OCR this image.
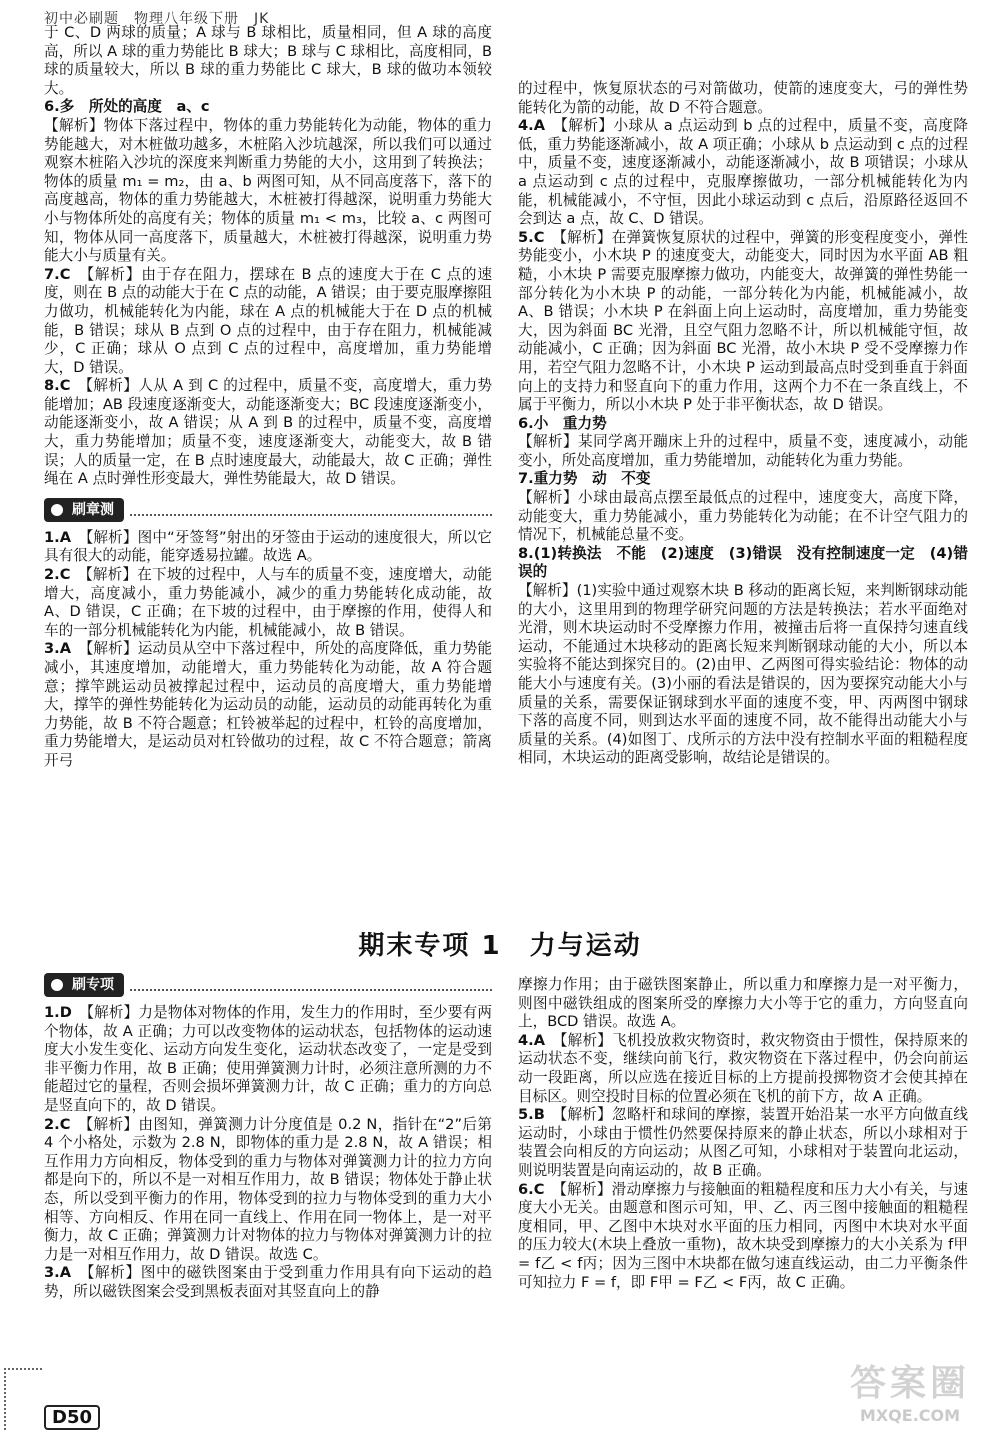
初中必刷题　物理八年级下册　JK

于 C、D 两球的质量；A 球与 B 球相比，质量相同，但 A 球的高度高，所以 A 球的重力势能比 B 球大；B 球与 C 球相比，高度相同，B 球的质量较大，所以 B 球的重力势能比 C 球大，B 球的做功本领较大。

6.多　所处的高度　a、c
【解析】物体下落过程中，物体的重力势能转化为动能，物体的重力势能越大，对木桩做功越多，木桩陷入沙坑越深，所以我们可以通过观察木桩陷入沙坑的深度来判断重力势能的大小，这用到了转换法；物体的质量 m₁ = m₂，由 a、b 两图可知，从不同高度落下，落下的高度越高，物体的重力势能越大，木桩被打得越深，说明重力势能大小与物体所处的高度有关；物体的质量 m₁ < m₃，比较 a、c 两图可知，物体从同一高度落下，质量越大，木桩被打得越深，说明重力势能大小与质量有关。

7.C　 【解析】由于存在阻力，摆球在 B 点的速度大于在 C 点的速度，则在 B 点的动能大于在 C 点的动能，A 错误；由于要克服摩擦阻力做功，机械能转化为内能，球在 A 点的机械能大于在 D 点的机械能，B 错误；球从 B 点到 O 点的过程中，由于存在阻力，机械能减少，C 正确；球从 O 点到 C 点的过程中，高度增加，重力势能增大，D 错误。

8.C　 【解析】人从 A 到 C 的过程中，质量不变，高度增大，重力势能增加；AB 段速度逐渐变大，动能逐渐变大；BC 段速度逐渐变小，动能逐渐变小，故 A 错误；从 A 到 B 的过程中，质量不变，高度增大，重力势能增加；质量不变，速度逐渐变大，动能变大，故 B 错误；人的质量一定，在 B 点时速度最大，动能最大，故 C 正确；弹性绳在 A 点时弹性形变最大，弹性势能最大，故 D 错误。

刷章测

1.A　 【解析】图中“牙签弩”射出的牙签由于运动的速度很大，所以它具有很大的动能，能穿透易拉罐。故选 A。

2.C　 【解析】在下坡的过程中，人与车的质量不变，速度增大，动能增大，高度减小，重力势能减小，减少的重力势能转化成动能，故 A、D 错误，C 正确；在下坡的过程中，由于摩擦的作用，使得人和车的一部分机械能转化为内能，机械能减小，故 B 错误。

3.A　 【解析】运动员从空中下落过程中，所处的高度降低，重力势能减小，其速度增加，动能增大，重力势能转化为动能，故 A 符合题意；撑竿跳运动员被撑起过程中，运动员的高度增大，重力势能增大，撑竿的弹性势能转化为运动员的动能，运动员的动能再转化为重力势能，故 B 不符合题意；杠铃被举起的过程中，杠铃的高度增加，重力势能增大，是运动员对杠铃做功的过程，故 C 不符合题意；箭离开弓

的过程中，恢复原状态的弓对箭做功，使箭的速度变大，弓的弹性势能转化为箭的动能，故 D 不符合题意。

4.A　 【解析】小球从 a 点运动到 b 点的过程中，质量不变，高度降低，重力势能逐渐减小，故 A 项正确；小球从 b 点运动到 c 点的过程中，质量不变，速度逐渐减小，动能逐渐减小，故 B 项错误；小球从 a 点运动到 c 点的过程中，克服摩擦做功，一部分机械能转化为内能，机械能减小，不守恒，因此小球运动到 c 点后，沿原路径返回不会到达 a 点，故 C、D 错误。

5.C　 【解析】在弹簧恢复原状的过程中，弹簧的形变程度变小，弹性势能变小，小木块 P 的速度变大，动能变大，同时因为水平面 AB 粗糙，小木块 P 需要克服摩擦力做功，内能变大，故弹簧的弹性势能一部分转化为小木块 P 的动能，一部分转化为内能，机械能减小，故 A、B 错误；小木块 P 在斜面上向上运动时，高度增加，重力势能变大，因为斜面 BC 光滑，且空气阻力忽略不计，所以机械能守恒，故动能减小，C 正确；因为斜面 BC 光滑，故小木块 P 受不受摩擦力作用，若空气阻力忽略不计，小木块 P 运动到最高点时受到垂直于斜面向上的支持力和竖直向下的重力作用，这两个力不在一条直线上，不属于平衡力，所以小木块 P 处于非平衡状态，故 D 错误。

6.小　重力势
【解析】某同学离开蹦床上升的过程中，质量不变，速度减小，动能变小，所处高度增加，重力势能增加，动能转化为重力势能。

7.重力势　动　不变
【解析】小球由最高点摆至最低点的过程中，速度变大，高度下降，动能变大，重力势能减小，重力势能转化为动能；在不计空气阻力的情况下，机械能总量不变。

8.(1)转换法　不能　(2)速度　(3)错误　没有控制速度一定　(4)错误的
【解析】(1)实验中通过观察木块 B 移动的距离长短，来判断钢球动能的大小，这里用到的物理学研究问题的方法是转换法；若水平面绝对光滑，则木块运动时不受摩擦力作用，被撞击后将一直保持匀速直线运动，不能通过木块移动的距离长短来判断钢球动能的大小，所以本实验将不能达到探究目的。(2)由甲、乙两图可得实验结论：物体的动能大小与速度有关。(3)小丽的看法是错误的，因为要探究动能大小与质量的关系，需要保证钢球到水平面的速度不变，甲、丙两图中钢球下落的高度不同，则到达水平面的速度不同，故不能得出动能大小与质量的关系。(4)如图丁、戊所示的方法中没有控制水平面的粗糙程度相同，木块运动的距离受影响，故结论是错误的。

期末专项 1　力与运动
刷专项

1.D　 【解析】力是物体对物体的作用，发生力的作用时，至少要有两个物体，故 A 正确；力可以改变物体的运动状态，包括物体的运动速度大小发生变化、运动方向发生变化，运动状态改变了，一定是受到非平衡力作用，故 B 正确；使用弹簧测力计时，必须注意所测的力不能超过它的量程，否则会损坏弹簧测力计，故 C 正确；重力的方向总是竖直向下的，故 D 错误。

2.C　 【解析】由图知，弹簧测力计分度值是 0.2 N，指针在“2”后第 4 个小格处，示数为 2.8 N，即物体的重力是 2.8 N，故 A 错误；相互作用力方向相反，物体受到的重力与物体对弹簧测力计的拉力方向都是向下的，所以不是一对相互作用力，故 B 错误；物体处于静止状态，所以受到平衡力的作用，物体受到的拉力与物体受到的重力大小相等、方向相反、作用在同一直线上、作用在同一物体上，是一对平衡力，故 C 正确；弹簧测力计对物体的拉力与物体对弹簧测力计的拉力是一对相互作用力，故 D 错误。故选 C。

3.A　 【解析】图中的磁铁图案由于受到重力作用具有向下运动的趋势，所以磁铁图案会受到黑板表面对其竖直向上的静

摩擦力作用；由于磁铁图案静止，所以重力和摩擦力是一对平衡力，则图中磁铁组成的图案所受的摩擦力大小等于它的重力，方向竖直向上，BCD 错误。故选 A。

4.A　 【解析】飞机投放救灾物资时，救灾物资由于惯性，保持原来的运动状态不变，继续向前飞行，救灾物资在下落过程中，仍会向前运动一段距离，所以应选在接近目标的上方提前投掷物资才会使其掉在目标区。则空投时目标的位置必须在飞机的前下方，故 A 正确。

5.B　 【解析】忽略杆和球间的摩擦，装置开始沿某一水平方向做直线运动时，小球由于惯性仍然要保持原来的静止状态，所以小球相对于装置会向相反的方向运动；从图乙可知，小球相对于装置向北运动，则说明装置是向南运动的，故 B 正确。

6.C　 【解析】滑动摩擦力与接触面的粗糙程度和压力大小有关，与速度大小无关。由题意和图示可知，甲、乙、丙三图中接触面的粗糙程度相同，甲、乙图中木块对水平面的压力相同，丙图中木块对水平面的压力较大(木块上叠放一重物)，故木块受到摩擦力的大小关系为 f甲 = f乙 < f丙；因为三图中木块都在做匀速直线运动，由二力平衡条件可知拉力 F = f，即 F甲 = F乙 < F丙，故 C 正确。

D50
答案圈
MXQE.COM
